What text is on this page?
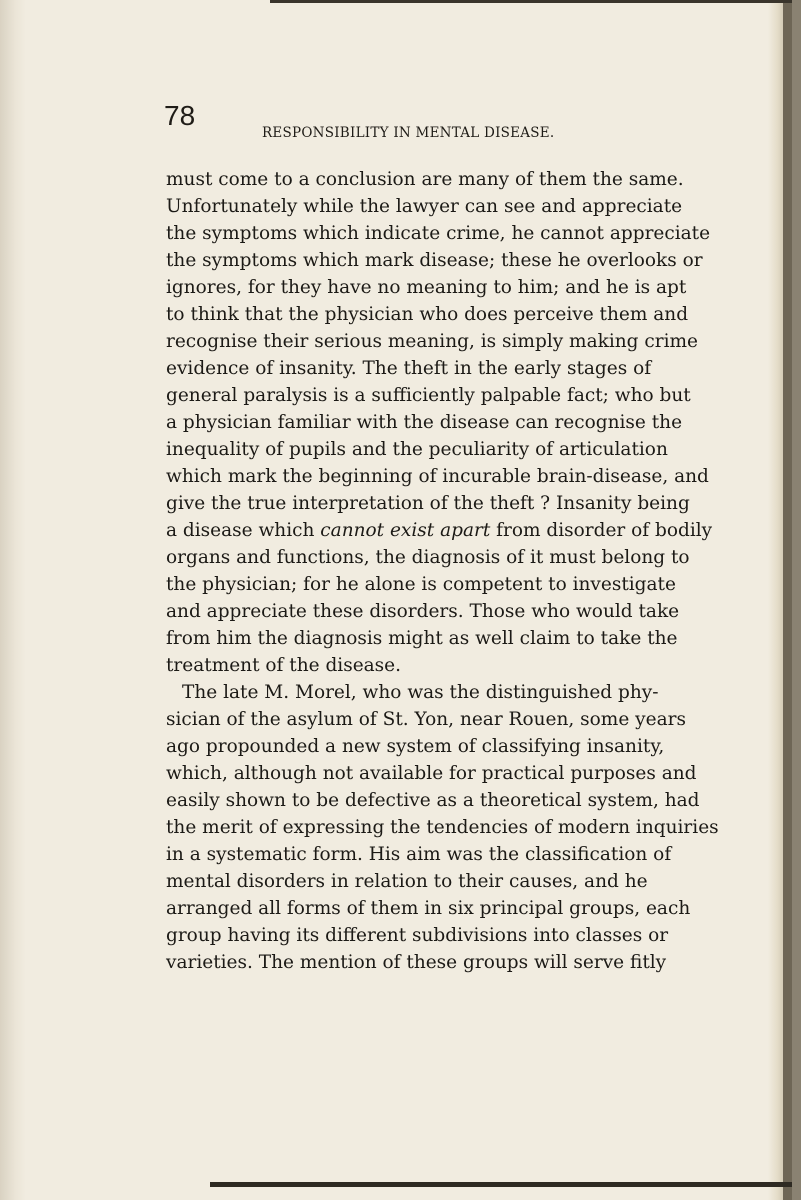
78

RESPONSIBILITY IN MENTAL DISEASE.

must come to a conclusion are many of them the same.
Unfortunately while the lawyer can see and appreciate
the symptoms which indicate crime, he cannot appreciate
the symptoms which mark disease; these he overlooks or
ignores, for they have no meaning to him; and he is apt
to think that the physician who does perceive them and
recognise their serious meaning, is simply making crime
evidence of insanity. The theft in the early stages of
general paralysis is a sufficiently palpable fact; who but
a physician familiar with the disease can recognise the
inequality of pupils and the peculiarity of articulation
which mark the beginning of incurable brain-disease, and
give the true interpretation of the theft ? Insanity being
a disease which cannot exist apart from disorder of bodily
organs and functions, the diagnosis of it must belong to
the physician; for he alone is competent to investigate
and appreciate these disorders. Those who would take
from him the diagnosis might as well claim to take the
treatment of the disease.
The late M. Morel, who was the distinguished phy-
sician of the asylum of St. Yon, near Rouen, some years
ago propounded a new system of classifying insanity,
which, although not available for practical purposes and
easily shown to be defective as a theoretical system, had
the merit of expressing the tendencies of modern inquiries
in a systematic form. His aim was the classification of
mental disorders in relation to their causes, and he
arranged all forms of them in six principal groups, each
group having its different subdivisions into classes or
varieties. The mention of these groups will serve fitly
